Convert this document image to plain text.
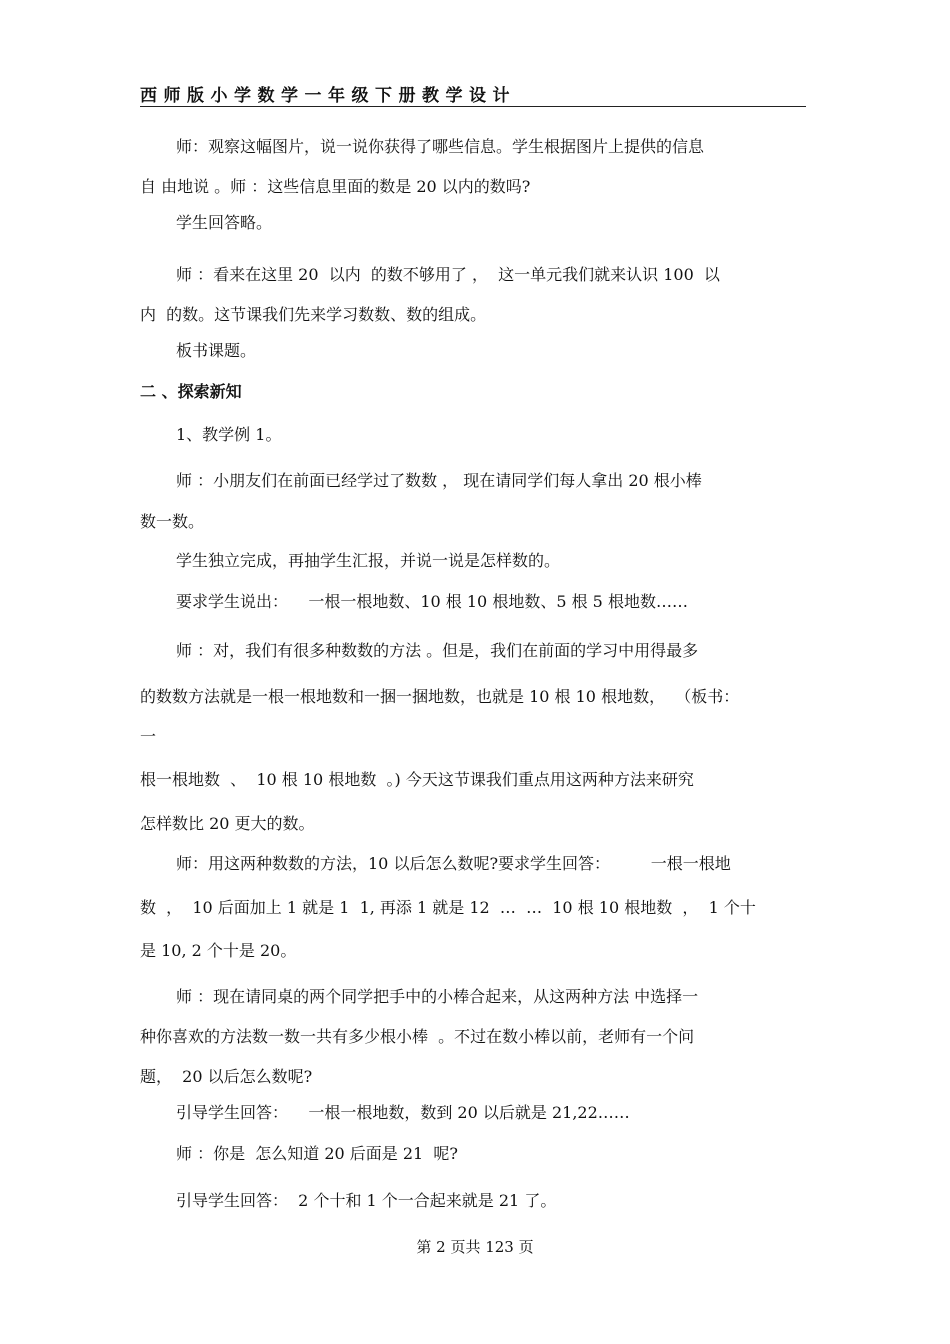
西师版小学数学一年级下册教学设计
师：观察这幅图片，说一说你获得了哪些信息。学生根据图片上提供的信息
自 由地说 。师 ：这些信息里面的数是 20 以内的数吗?
学生回答略。
师 ：看来在这里 20  以内  的数不够用了 ，  这一单元我们就来认识 100  以
内  的数。这节课我们先来学习数数、数的组成。
板书课题。
二 、探索新知
1、教学例 1。
师 ：小朋友们在前面已经学过了数数 ， 现在请同学们每人拿出 20 根小棒
数一数。
学生独立完成，再抽学生汇报，并说一说是怎样数的。
要求学生说出：    一根一根地数、10 根 10 根地数、5 根 5 根地数……
师 ：对，我们有很多种数数的方法 。但是，我们在前面的学习中用得最多
的数数方法就是一根一根地数和一捆一捆地数，也就是 10 根 10 根地数，  （板书：
一
根一根地数  、  10 根 10 根地数  。) 今天这节课我们重点用这两种方法来研究
怎样数比 20 更大的数。
师：用这两种数数的方法，10 以后怎么数呢?要求学生回答：        一根一根地
数  ，  10 后面加上 1 就是 1  1, 再添 1 就是 12  …  …  10 根 10 根地数  ，  1 个十
是 10, 2 个十是 20。
师 ：现在请同桌的两个同学把手中的小棒合起来，从这两种方法 中选择一
种你喜欢的方法数一数一共有多少根小棒  。不过在数小棒以前，老师有一个问
题，  20 以后怎么数呢?
引导学生回答：    一根一根地数，数到 20 以后就是 21,22……
师 ：你是  怎么知道 20 后面是 21  呢?
引导学生回答：  2 个十和 1 个一合起来就是 21 了。
第 2 页共 123 页
